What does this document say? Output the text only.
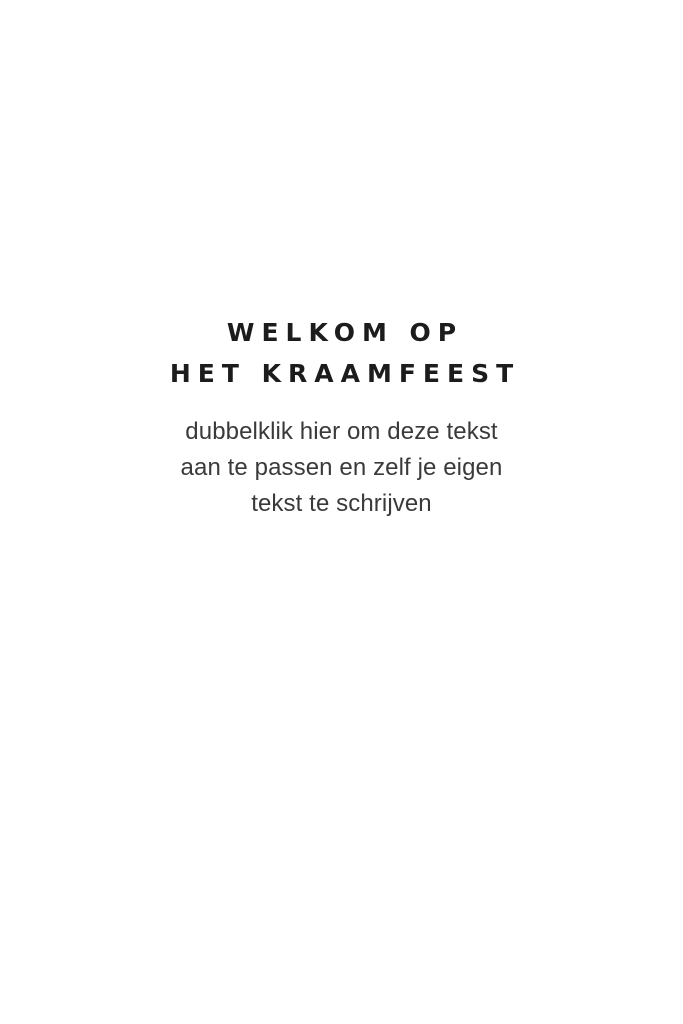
WELKOM OP
HET KRAAMFEEST

dubbelklik hier om deze tekst
aan te passen en zelf je eigen
tekst te schrijven
